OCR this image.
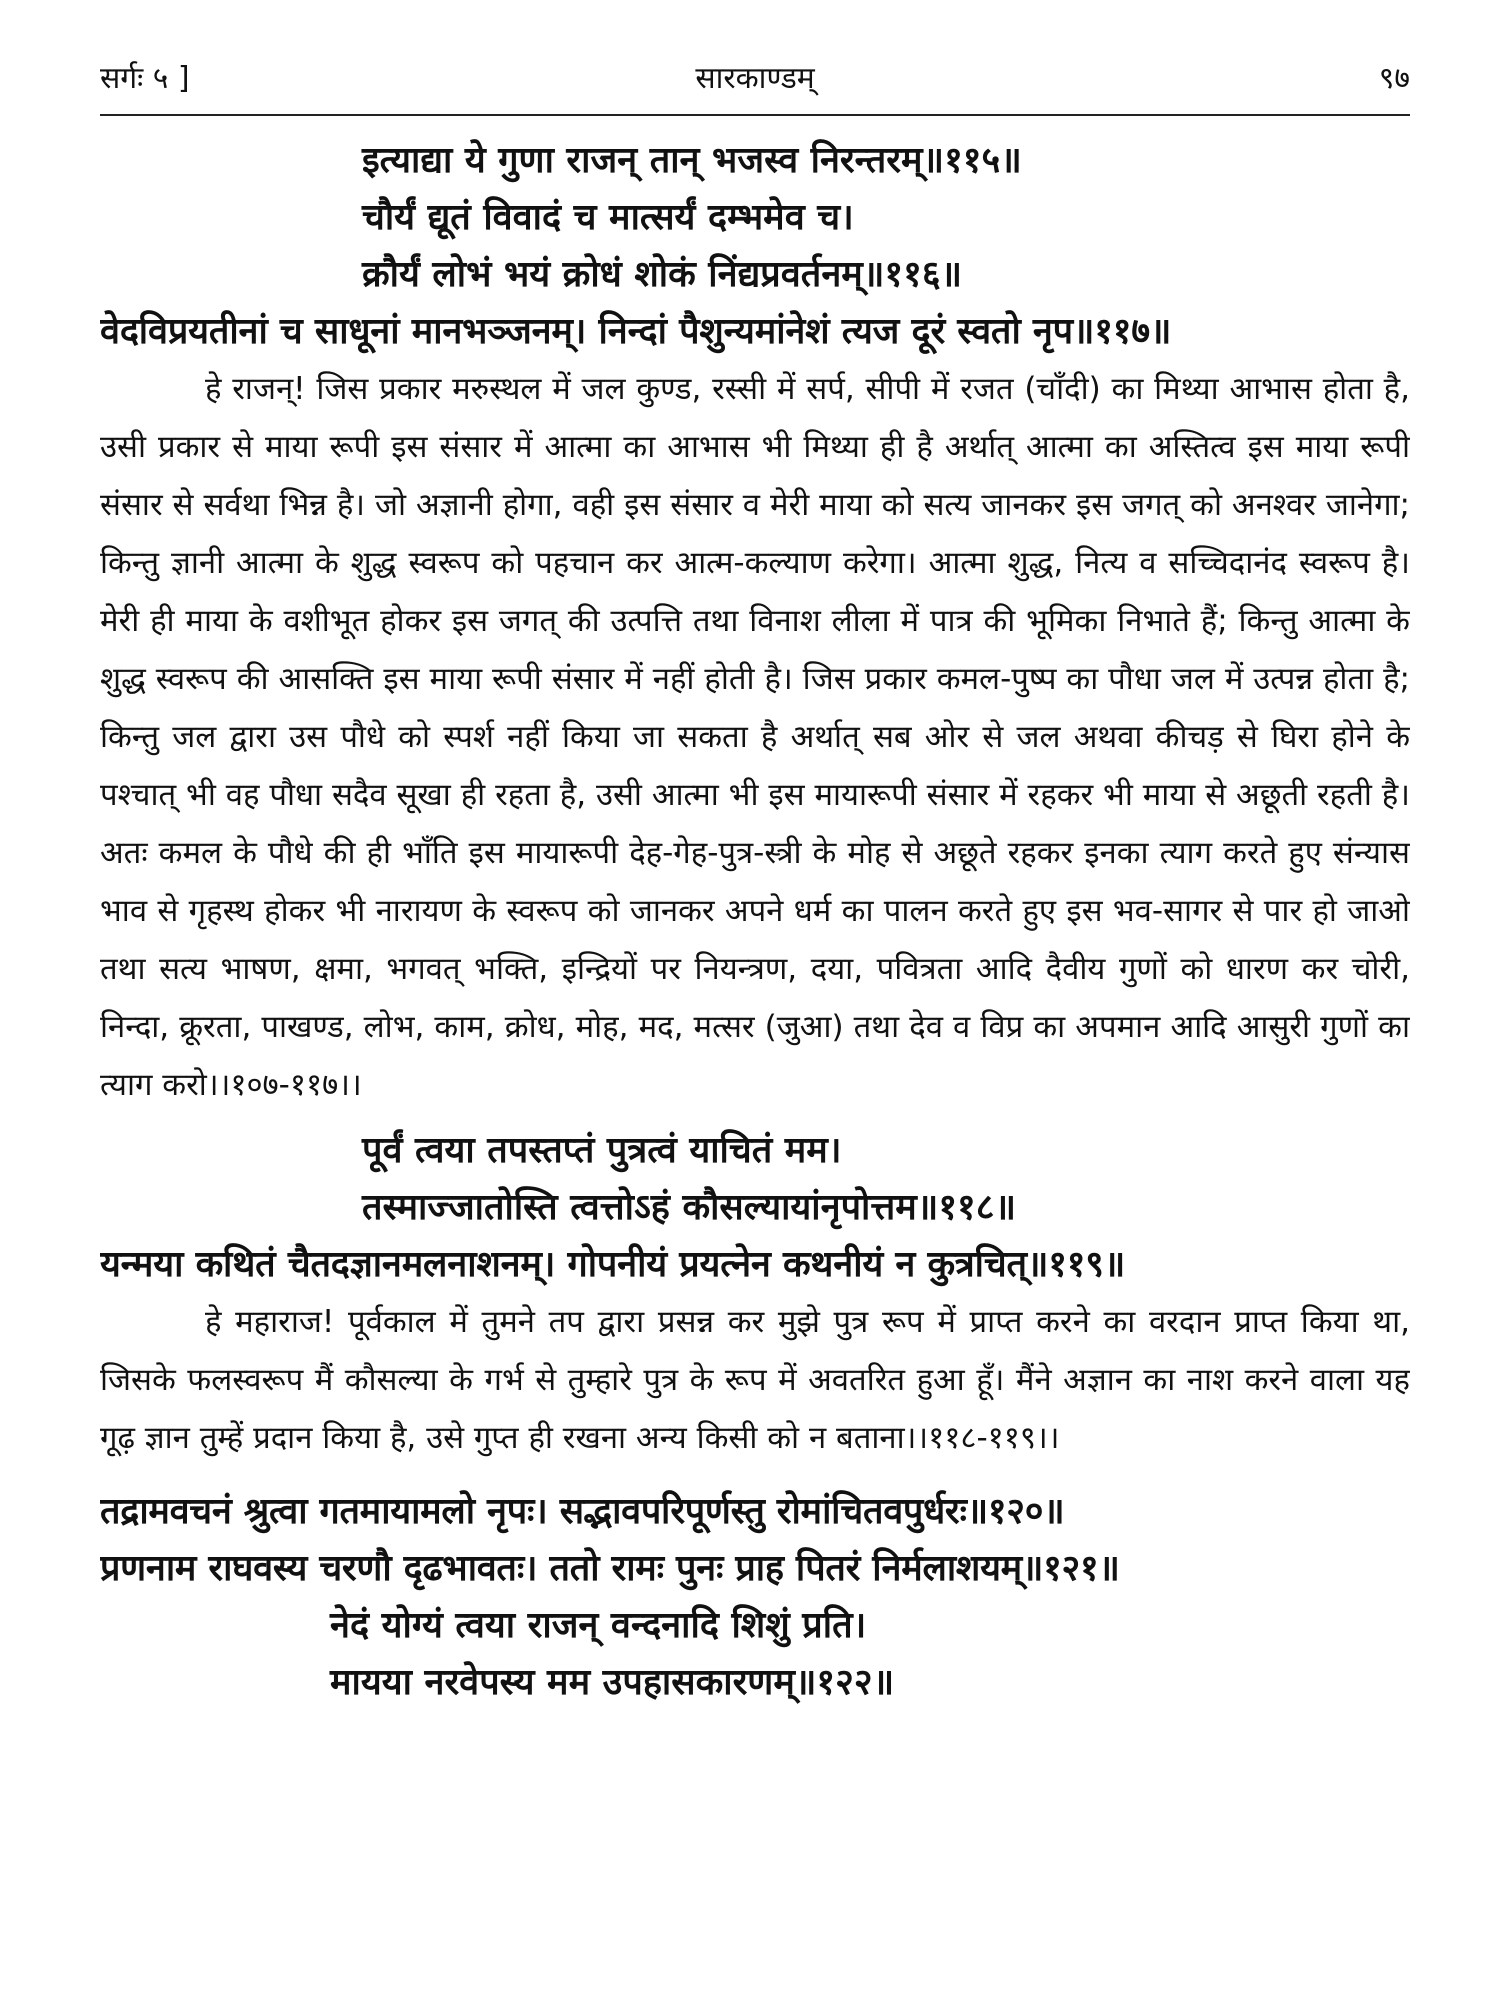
सर्गः ५ ]	सारकाण्डम्	९७
इत्याद्या ये गुणा राजन् तान् भजस्व निरन्तरम्॥११५॥
चौर्यं द्यूतं विवादं च मात्सर्यं दम्भमेव च।
क्रौर्यं लोभं भयं क्रोधं शोकं निंद्यप्रवर्तनम्॥११६॥
वेदविप्रयतीनां च साधूनां मानभञ्जनम्। निन्दां पैशुन्यमांनेशं त्यज दूरं स्वतो नृप॥११७॥

हे राजन्! जिस प्रकार मरुस्थल में जल कुण्ड, रस्सी में सर्प, सीपी में रजत (चाँदी) का मिथ्या आभास होता है, उसी प्रकार से माया रूपी इस संसार में आत्मा का आभास भी मिथ्या ही है अर्थात् आत्मा का अस्तित्व इस माया रूपी संसार से सर्वथा भिन्न है। जो अज्ञानी होगा, वही इस संसार व मेरी माया को सत्य जानकर इस जगत् को अनश्वर जानेगा; किन्तु ज्ञानी आत्मा के शुद्ध स्वरूप को पहचान कर आत्म-कल्याण करेगा। आत्मा शुद्ध, नित्य व सच्चिदानंद स्वरूप है। मेरी ही माया के वशीभूत होकर इस जगत् की उत्पत्ति तथा विनाश लीला में पात्र की भूमिका निभाते हैं; किन्तु आत्मा के शुद्ध स्वरूप की आसक्ति इस माया रूपी संसार में नहीं होती है। जिस प्रकार कमल-पुष्प का पौधा जल में उत्पन्न होता है; किन्तु जल द्वारा उस पौधे को स्पर्श नहीं किया जा सकता है अर्थात् सब ओर से जल अथवा कीचड़ से घिरा होने के पश्चात् भी वह पौधा सदैव सूखा ही रहता है, उसी आत्मा भी इस मायारूपी संसार में रहकर भी माया से अछूती रहती है। अतः कमल के पौधे की ही भाँति इस मायारूपी देह-गेह-पुत्र-स्त्री के मोह से अछूते रहकर इनका त्याग करते हुए संन्यास भाव से गृहस्थ होकर भी नारायण के स्वरूप को जानकर अपने धर्म का पालन करते हुए इस भव-सागर से पार हो जाओ तथा सत्य भाषण, क्षमा, भगवत् भक्ति, इन्द्रियों पर नियन्त्रण, दया, पवित्रता आदि दैवीय गुणों को धारण कर चोरी, निन्दा, क्रूरता, पाखण्ड, लोभ, काम, क्रोध, मोह, मद, मत्सर (जुआ) तथा देव व विप्र का अपमान आदि आसुरी गुणों का त्याग करो।।१०७-११७।।

पूर्वं त्वया तपस्तप्तं पुत्रत्वं याचितं मम।
तस्माज्जातोस्ति त्वत्तोऽहं कौसल्यायांनृपोत्तम॥११८॥
यन्मया कथितं चैतदज्ञानमलनाशनम्। गोपनीयं प्रयत्नेन कथनीयं न कुत्रचित्॥११९॥

हे महाराज! पूर्वकाल में तुमने तप द्वारा प्रसन्न कर मुझे पुत्र रूप में प्राप्त करने का वरदान प्राप्त किया था, जिसके फलस्वरूप मैं कौसल्या के गर्भ से तुम्हारे पुत्र के रूप में अवतरित हुआ हूँ। मैंने अज्ञान का नाश करने वाला यह गूढ़ ज्ञान तुम्हें प्रदान किया है, उसे गुप्त ही रखना अन्य किसी को न बताना।।११८-११९।।

तद्रामवचनं श्रुत्वा गतमायामलो नृपः। सद्भावपरिपूर्णस्तु रोमांचितवपुर्धरः॥१२०॥
प्रणनाम राघवस्य चरणौ दृढभावतः। ततो रामः पुनः प्राह पितरं निर्मलाशयम्॥१२१॥
नेदं योग्यं त्वया राजन् वन्दनादि शिशुं प्रति।
मायया नरवेपस्य मम उपहासकारणम्॥१२२॥
